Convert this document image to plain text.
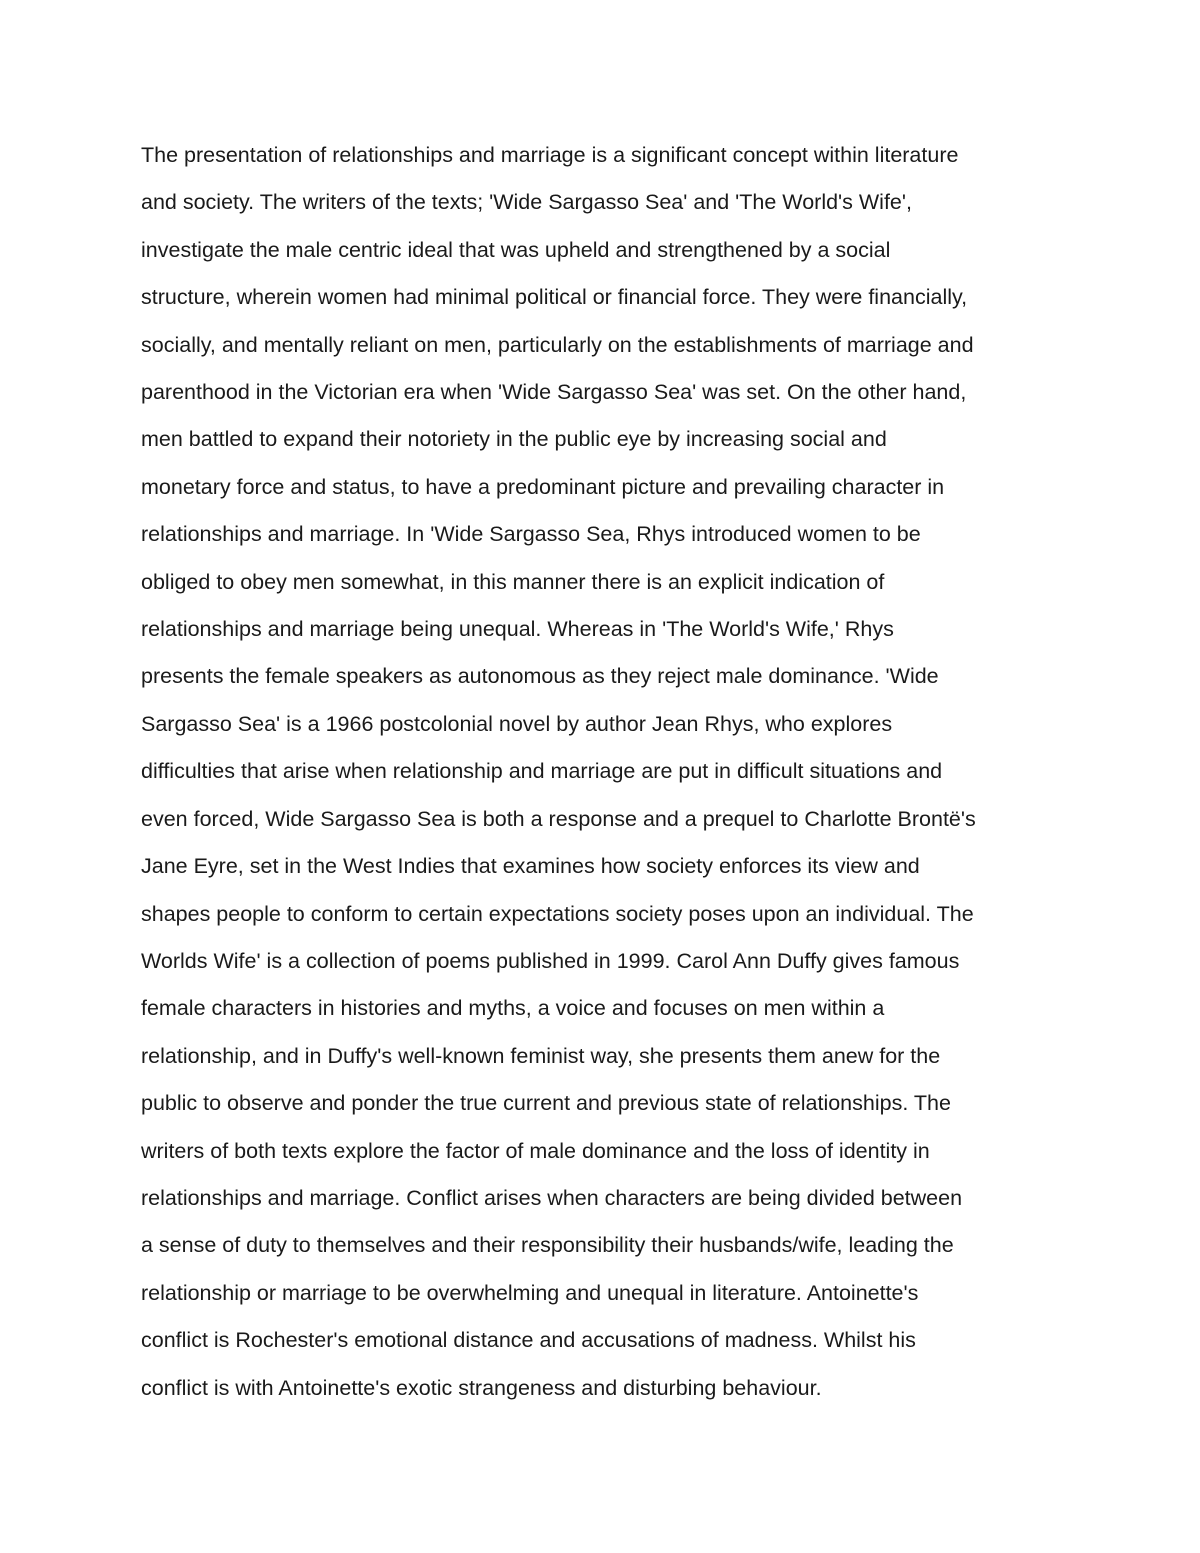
The presentation of relationships and marriage is a significant concept within literature
and society. The writers of the texts; 'Wide Sargasso Sea' and 'The World's Wife',
investigate the male centric ideal that was upheld and strengthened by a social
structure, wherein women had minimal political or financial force. They were financially,
socially, and mentally reliant on men, particularly on the establishments of marriage and
parenthood in the Victorian era when 'Wide Sargasso Sea' was set. On the other hand,
men battled to expand their notoriety in the public eye by increasing social and
monetary force and status, to have a predominant picture and prevailing character in
relationships and marriage. In 'Wide Sargasso Sea, Rhys introduced women to be
obliged to obey men somewhat, in this manner there is an explicit indication of
relationships and marriage being unequal. Whereas in 'The World's Wife,' Rhys
presents the female speakers as autonomous as they reject male dominance. 'Wide
Sargasso Sea' is a 1966 postcolonial novel by author Jean Rhys, who explores
difficulties that arise when relationship and marriage are put in difficult situations and
even forced, Wide Sargasso Sea is both a response and a prequel to Charlotte Brontë's
Jane Eyre, set in the West Indies that examines how society enforces its view and
shapes people to conform to certain expectations society poses upon an individual. The
Worlds Wife' is a collection of poems published in 1999. Carol Ann Duffy gives famous
female characters in histories and myths, a voice and focuses on men within a
relationship, and in Duffy's well-known feminist way, she presents them anew for the
public to observe and ponder the true current and previous state of relationships. The
writers of both texts explore the factor of male dominance and the loss of identity in
relationships and marriage. Conflict arises when characters are being divided between
a sense of duty to themselves and their responsibility their husbands/wife, leading the
relationship or marriage to be overwhelming and unequal in literature. Antoinette's
conflict is Rochester's emotional distance and accusations of madness. Whilst his
conflict is with Antoinette's exotic strangeness and disturbing behaviour.
